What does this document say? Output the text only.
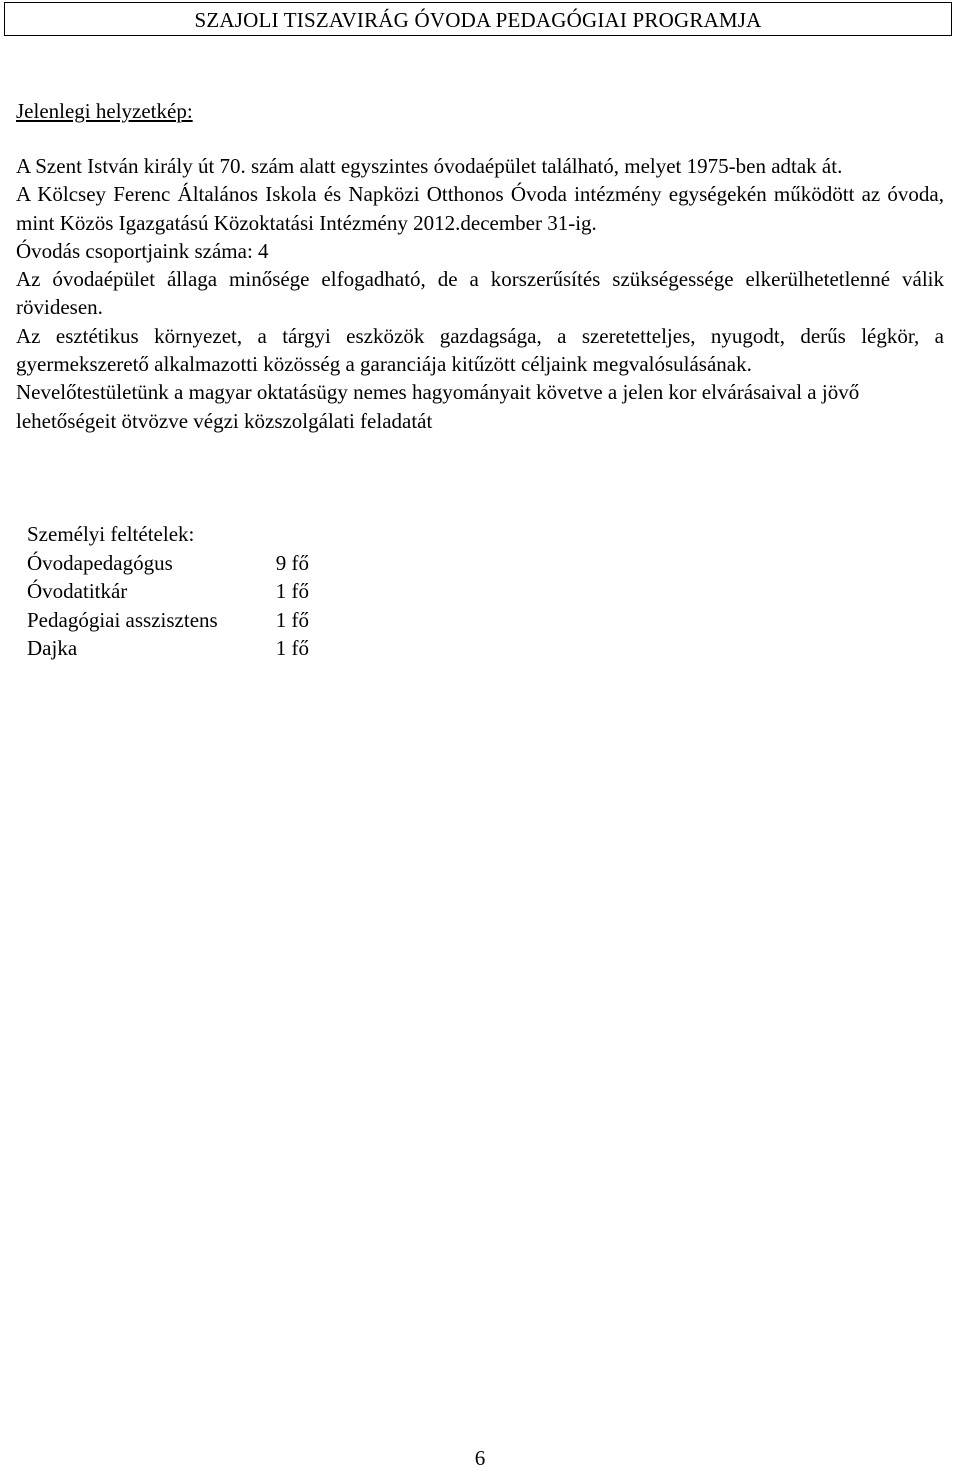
SZAJOLI TISZAVIRÁG ÓVODA PEDAGÓGIAI PROGRAMJA

Jelenlegi helyzetkép:

A Szent István király út 70. szám alatt egyszintes óvodaépület található, melyet 1975-ben adtak át.

A Kölcsey Ferenc Általános Iskola és Napközi Otthonos Óvoda intézmény egységekén működött az óvoda, mint Közös Igazgatású Közoktatási Intézmény 2012.december 31-ig.

Óvodás csoportjaink száma: 4

Az óvodaépület állaga minősége elfogadható, de a korszerűsítés szükségessége elkerülhetetlenné válik rövidesen.

Az esztétikus környezet, a tárgyi eszközök gazdagsága, a szeretetteljes, nyugodt, derűs légkör, a gyermekszerető alkalmazotti közösség a garanciája kitűzött céljaink megvalósulásának.

Nevelőtestületünk a magyar oktatásügy nemes hagyományait követve a jelen kor elvárásaival a jövő lehetőségeit ötvözve végzi közszolgálati feladatát

Személyi feltételek:

Óvodapedagógus	9 fő
Óvodatitkár	1 fő
Pedagógiai asszisztens	1 fő
Dajka	1 fő
6
